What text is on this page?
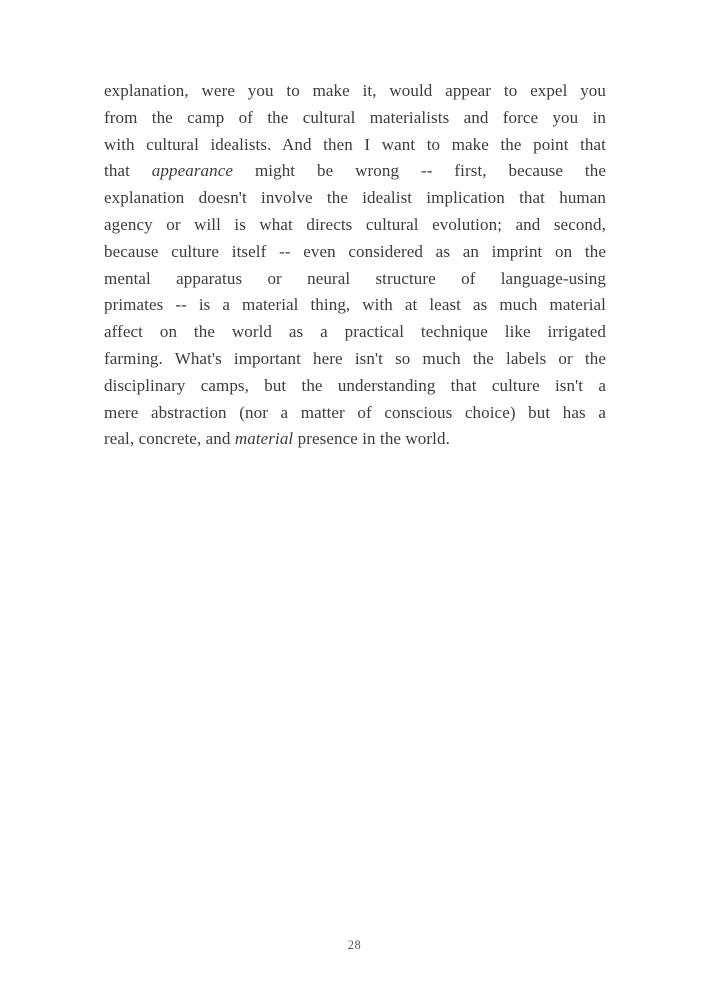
explanation, were you to make it, would appear to expel you
from the camp of the cultural materialists and force you in
with cultural idealists. And then I want to make the point that
that appearance might be wrong -- first, because the
explanation doesn't involve the idealist implication that human
agency or will is what directs cultural evolution; and second,
because culture itself -- even considered as an imprint on the
mental apparatus or neural structure of language-using
primates -- is a material thing, with at least as much material
affect on the world as a practical technique like irrigated
farming. What's important here isn't so much the labels or the
disciplinary camps, but the understanding that culture isn't a
mere abstraction (nor a matter of conscious choice) but has a
real, concrete, and material presence in the world.
28
